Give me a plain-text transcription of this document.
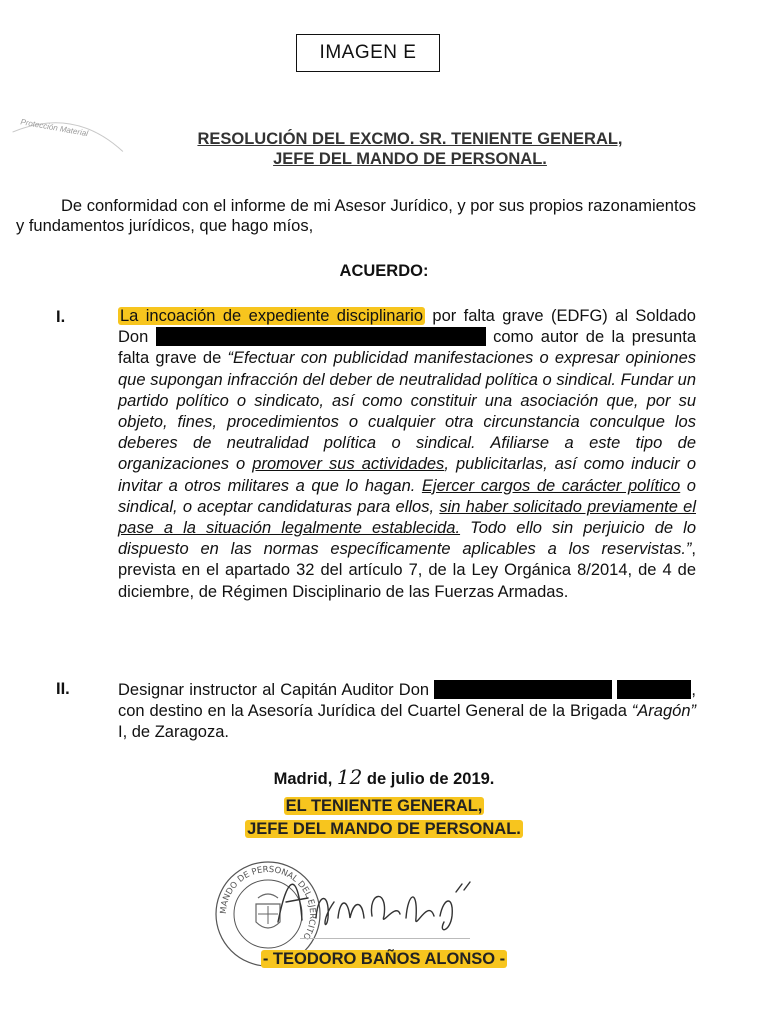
IMAGEN E
Protección Material
RESOLUCIÓN DEL EXCMO. SR. TENIENTE GENERAL,
JEFE DEL MANDO DE PERSONAL.
De conformidad con el informe de mi Asesor Jurídico, y por sus propios razonamientos y fundamentos jurídicos, que hago míos,
ACUERDO:
I.	La incoación de expediente disciplinario por falta grave (EDFG) al Soldado Don	como autor de la presunta falta grave de “Efectuar con publicidad manifestaciones o expresar opiniones que supongan infracción del deber de neutralidad política o sindical. Fundar un partido político o sindicato, así como constituir una asociación que, por su objeto, fines, procedimientos o cualquier otra circunstancia conculque los deberes de neutralidad política o sindical. Afiliarse a este tipo de organizaciones o promover sus actividades, publicitarlas, así como inducir o invitar a otros militares a que lo hagan. Ejercer cargos de carácter político o sindical, o aceptar candidaturas para ellos, sin haber solicitado previamente el pase a la situación legalmente establecida. Todo ello sin perjuicio de lo dispuesto en las normas específicamente aplicables a los reservistas.”, prevista en el apartado 32 del artículo 7, de la Ley Orgánica 8/2014, de 4 de diciembre, de Régimen Disciplinario de las Fuerzas Armadas.
II.	Designar instructor al Capitán Auditor Don	, con destino en la Asesoría Jurídica del Cuartel General de la Brigada “Aragón” I, de Zaragoza.
Madrid, 12 de julio de 2019.
EL TENIENTE GENERAL,
JEFE DEL MANDO DE PERSONAL.
MANDO DE PERSONAL DEL EJÉRCITO
- TEODORO BAÑOS ALONSO -
